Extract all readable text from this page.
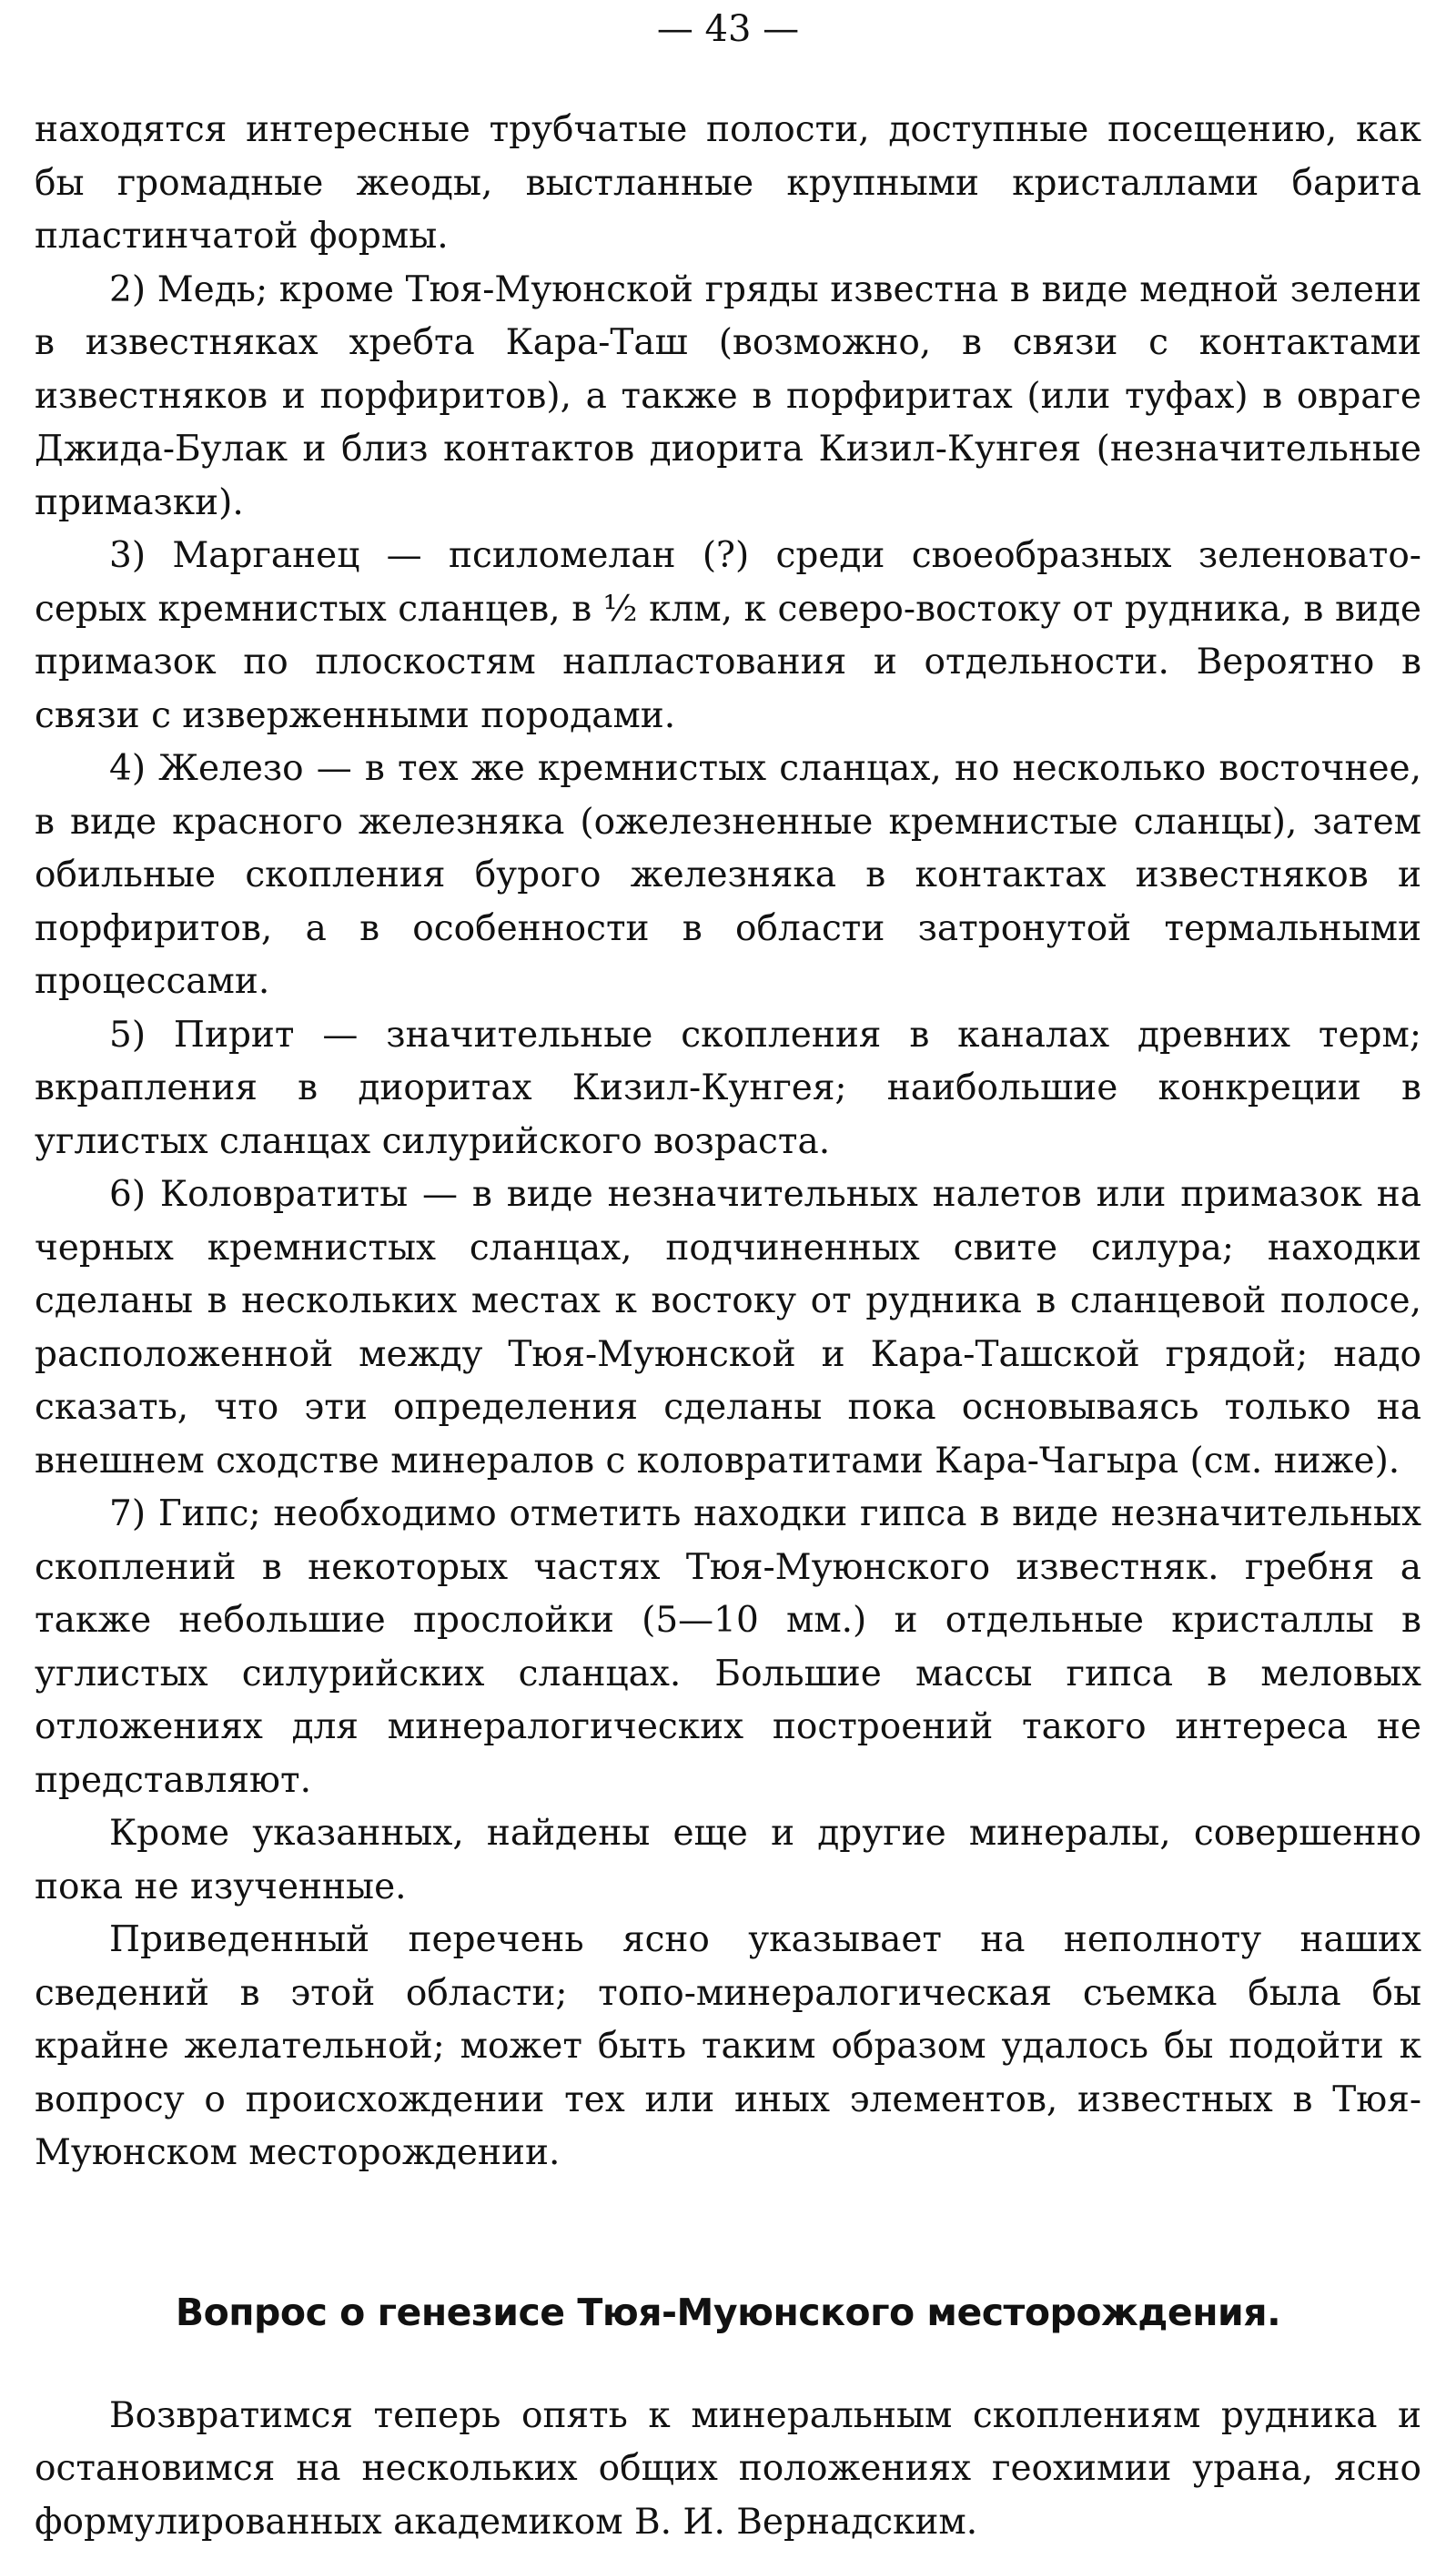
— 43 —

находятся интересные трубчатые полости, доступные посещению, как бы громадные жеоды, выстланные крупными кристаллами барита пластинчатой формы.

2) Медь; кроме Тюя-Муюнской гряды известна в виде медной зелени в известняках хребта Кара-Таш (возможно, в связи с контактами известняков и порфиритов), а также в порфиритах (или туфах) в овраге Джида-Булак и близ контактов диорита Кизил-Кунгея (незначительные примазки).

3) Марганец — псиломелан (?) среди своеобразных зеленовато-серых кремнистых сланцев, в ½ клм, к северо-востоку от рудника, в виде примазок по плоскостям напластования и отдельности. Вероятно в связи с изверженными породами.

4) Железо — в тех же кремнистых сланцах, но несколько восточнее, в виде красного железняка (ожелезненные кремнистые сланцы), затем обильные скопления бурого железняка в контактах известняков и порфиритов, а в особенности в области затронутой термальными процессами.

5) Пирит — значительные скопления в каналах древних терм; вкрапления в диоритах Кизил-Кунгея; наибольшие конкреции в углистых сланцах силурийского возраста.

6) Коловратиты — в виде незначительных налетов или примазок на черных кремнистых сланцах, подчиненных свите силура; находки сделаны в нескольких местах к востоку от рудника в сланцевой полосе, расположенной между Тюя-Муюнской и Кара-Ташской грядой; надо сказать, что эти определения сделаны пока основываясь только на внешнем сходстве минералов с коловратитами Кара-Чагыра (см. ниже).

7) Гипс; необходимо отметить находки гипса в виде незначительных скоплений в некоторых частях Тюя-Муюнского известняк. гребня а также небольшие прослойки (5—10 мм.) и отдельные кристаллы в углистых силурийских сланцах. Большие массы гипса в меловых отложениях для минералогических построений такого интереса не представляют.

Кроме указанных, найдены еще и другие минералы, совершенно пока не изученные.

Приведенный перечень ясно указывает на неполноту наших сведений в этой области; топо-минералогическая съемка была бы крайне желательной; может быть таким образом удалось бы подойти к вопросу о происхождении тех или иных элементов, известных в Тюя-Муюнском месторождении.

Вопрос о генезисе Тюя-Муюнского месторождения.

Возвратимся теперь опять к минеральным скоплениям рудника и остановимся на нескольких общих положениях геохимии урана, ясно формулированных академиком В. И. Вернадским.
